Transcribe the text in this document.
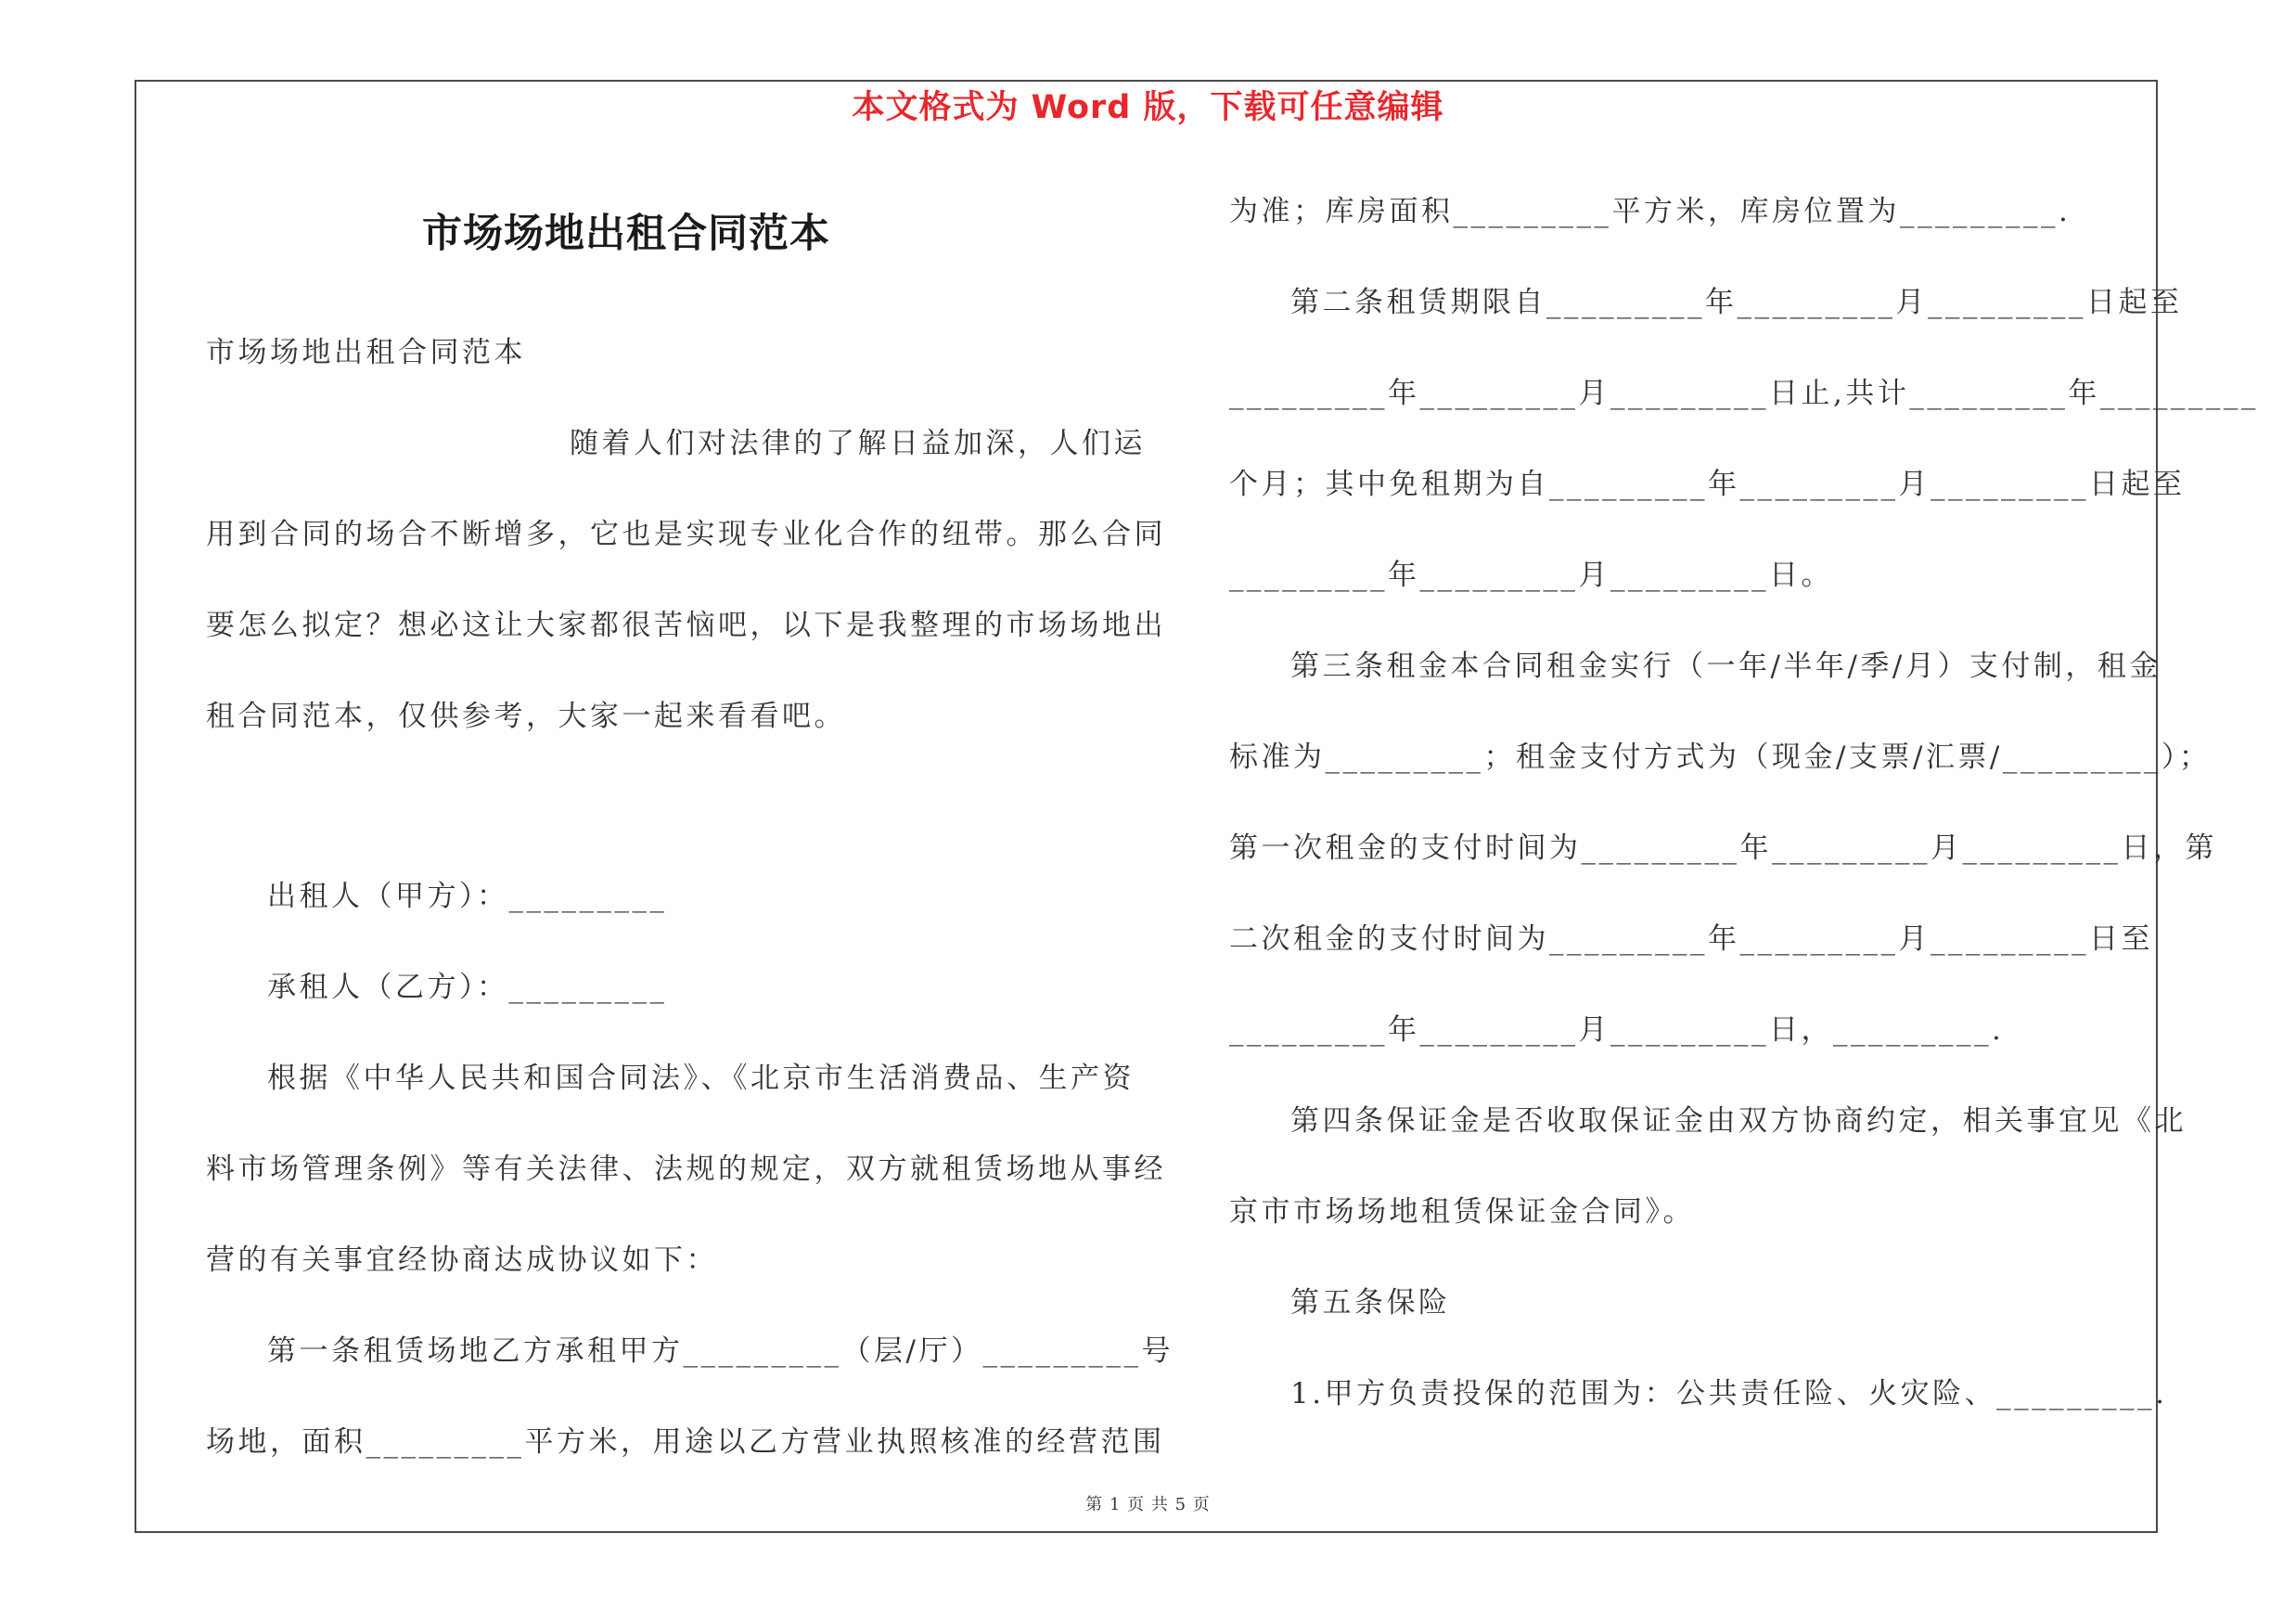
本文格式为 Word 版，下载可任意编辑
市场场地出租合同范本
市场场地出租合同范本
随着人们对法律的了解日益加深，人们运
用到合同的场合不断增多，它也是实现专业化合作的纽带。那么合同
要怎么拟定？想必这让大家都很苦恼吧，以下是我整理的市场场地出
租合同范本，仅供参考，大家一起来看看吧。
出租人（甲方）：_________
承租人（乙方）：_________
根据《中华人民共和国合同法》、《北京市生活消费品、生产资
料市场管理条例》等有关法律、法规的规定，双方就租赁场地从事经
营的有关事宜经协商达成协议如下：
第一条租赁场地乙方承租甲方_________（层/厅）_________号
场地，面积_________平方米，用途以乙方营业执照核准的经营范围
为准；库房面积_________平方米，库房位置为_________.
第二条租赁期限自_________年_________月_________日起至
_________年_________月_________日止,共计_________年_________
个月；其中免租期为自_________年_________月_________日起至
_________年_________月_________日。
第三条租金本合同租金实行（一年/半年/季/月）支付制，租金
标准为_________；租金支付方式为（现金/支票/汇票/_________）；
第一次租金的支付时间为_________年_________月_________日，第
二次租金的支付时间为_________年_________月_________日至
_________年_________月_________日，_________.
第四条保证金是否收取保证金由双方协商约定，相关事宜见《北
京市市场场地租赁保证金合同》。
第五条保险
1.甲方负责投保的范围为：公共责任险、火灾险、_________.
第 1 页 共 5 页
